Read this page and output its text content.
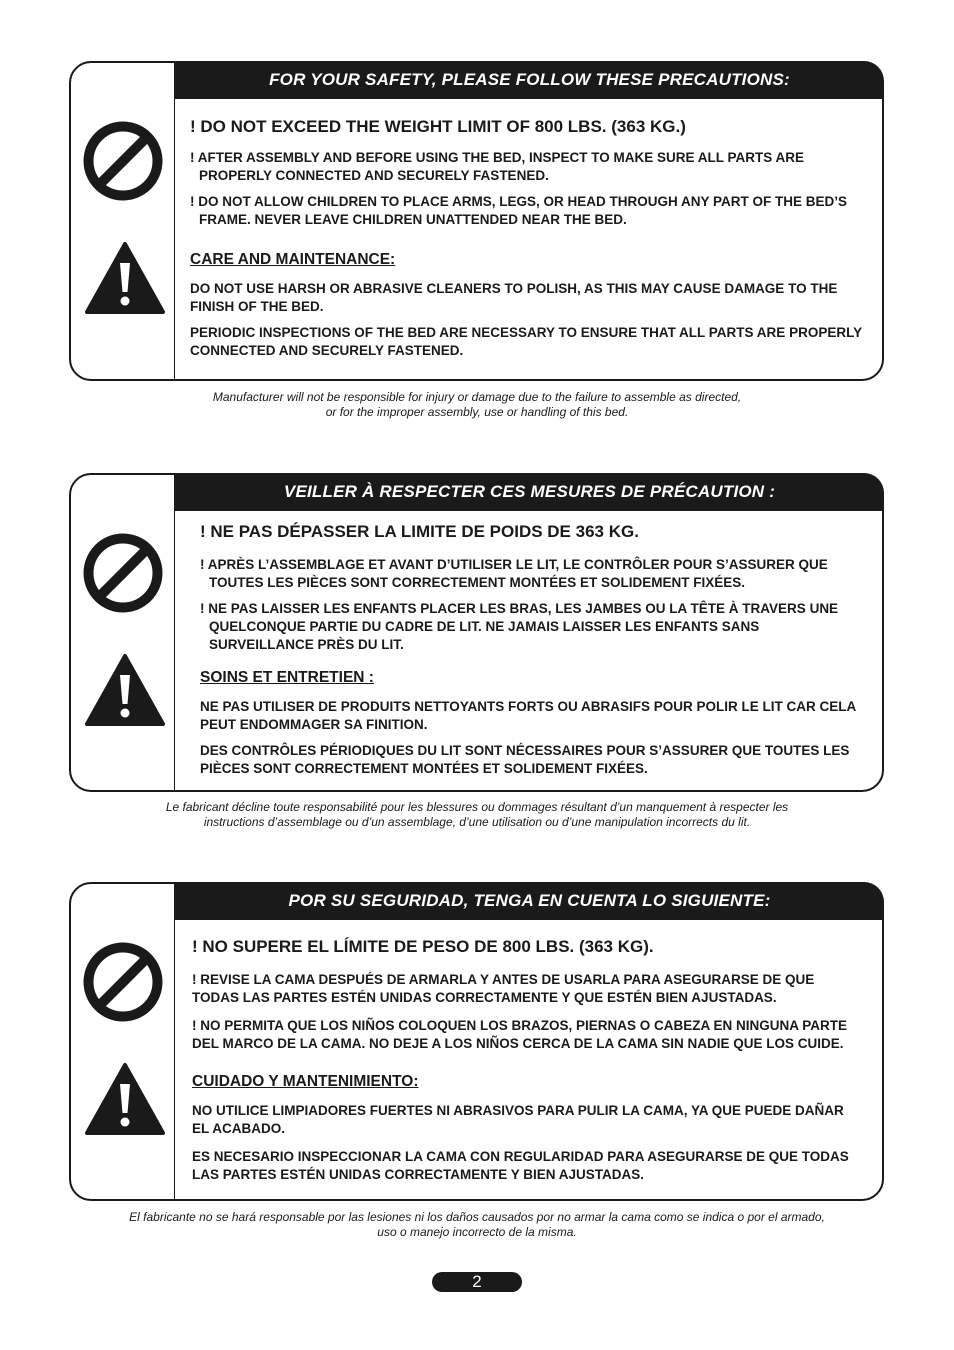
FOR YOUR SAFETY, PLEASE FOLLOW THESE PRECAUTIONS:

! DO NOT EXCEED THE WEIGHT LIMIT OF 800 LBS. (363 KG.)

! AFTER ASSEMBLY AND BEFORE USING THE BED, INSPECT TO MAKE SURE ALL PARTS ARE PROPERLY CONNECTED AND SECURELY FASTENED.

! DO NOT ALLOW CHILDREN TO PLACE ARMS, LEGS, OR HEAD THROUGH ANY PART OF THE BED’S FRAME. NEVER LEAVE CHILDREN UNATTENDED NEAR THE BED.

CARE AND MAINTENANCE:

DO NOT USE HARSH OR ABRASIVE CLEANERS TO POLISH, AS THIS MAY CAUSE DAMAGE TO THE FINISH OF THE BED.

PERIODIC INSPECTIONS OF THE BED ARE NECESSARY TO ENSURE THAT ALL PARTS ARE PROPERLY CONNECTED AND SECURELY FASTENED.

Manufacturer will not be responsible for injury or damage due to the failure to assemble as directed,
or for the improper assembly, use or handling of this bed.
VEILLER À RESPECTER CES MESURES DE PRÉCAUTION :

! NE PAS DÉPASSER LA LIMITE DE POIDS DE 363 KG.

! APRÈS L’ASSEMBLAGE ET AVANT D’UTILISER LE LIT, LE CONTRÔLER POUR S’ASSURER QUE TOUTES LES PIÈCES SONT CORRECTEMENT MONTÉES ET SOLIDEMENT FIXÉES.

! NE PAS LAISSER LES ENFANTS PLACER LES BRAS, LES JAMBES OU LA TÊTE À TRAVERS UNE QUELCONQUE PARTIE DU CADRE DE LIT. NE JAMAIS LAISSER LES ENFANTS SANS SURVEILLANCE PRÈS DU LIT.

SOINS ET ENTRETIEN :

NE PAS UTILISER DE PRODUITS NETTOYANTS FORTS OU ABRASIFS POUR POLIR LE LIT CAR CELA PEUT ENDOMMAGER SA FINITION.

DES CONTRÔLES PÉRIODIQUES DU LIT SONT NÉCESSAIRES POUR S’ASSURER QUE TOUTES LES PIÈCES SONT CORRECTEMENT MONTÉES ET SOLIDEMENT FIXÉES.

Le fabricant décline toute responsabilité pour les blessures ou dommages résultant d’un manquement à respecter les
instructions d’assemblage ou d’un assemblage, d’une utilisation ou d’une manipulation incorrects du lit.
POR SU SEGURIDAD, TENGA EN CUENTA LO SIGUIENTE:

! NO SUPERE EL LÍMITE DE PESO DE 800 LBS. (363 KG).

! REVISE LA CAMA DESPUÉS DE ARMARLA Y ANTES DE USARLA PARA ASEGURARSE DE QUE TODAS LAS PARTES ESTÉN UNIDAS CORRECTAMENTE Y QUE ESTÉN BIEN AJUSTADAS.

! NO PERMITA QUE LOS NIÑOS COLOQUEN LOS BRAZOS, PIERNAS O CABEZA EN NINGUNA PARTE DEL MARCO DE LA CAMA. NO DEJE A LOS NIÑOS CERCA DE LA CAMA SIN NADIE QUE LOS CUIDE.

CUIDADO Y MANTENIMIENTO:

NO UTILICE LIMPIADORES FUERTES NI ABRASIVOS PARA PULIR LA CAMA, YA QUE PUEDE DAÑAR EL ACABADO.

ES NECESARIO INSPECCIONAR LA CAMA CON REGULARIDAD PARA ASEGURARSE DE QUE TODAS LAS PARTES ESTÉN UNIDAS CORRECTAMENTE Y BIEN AJUSTADAS.

El fabricante no se hará responsable por las lesiones ni los daños causados por no armar la cama como se indica o por el armado,
uso o manejo incorrecto de la misma.
2
